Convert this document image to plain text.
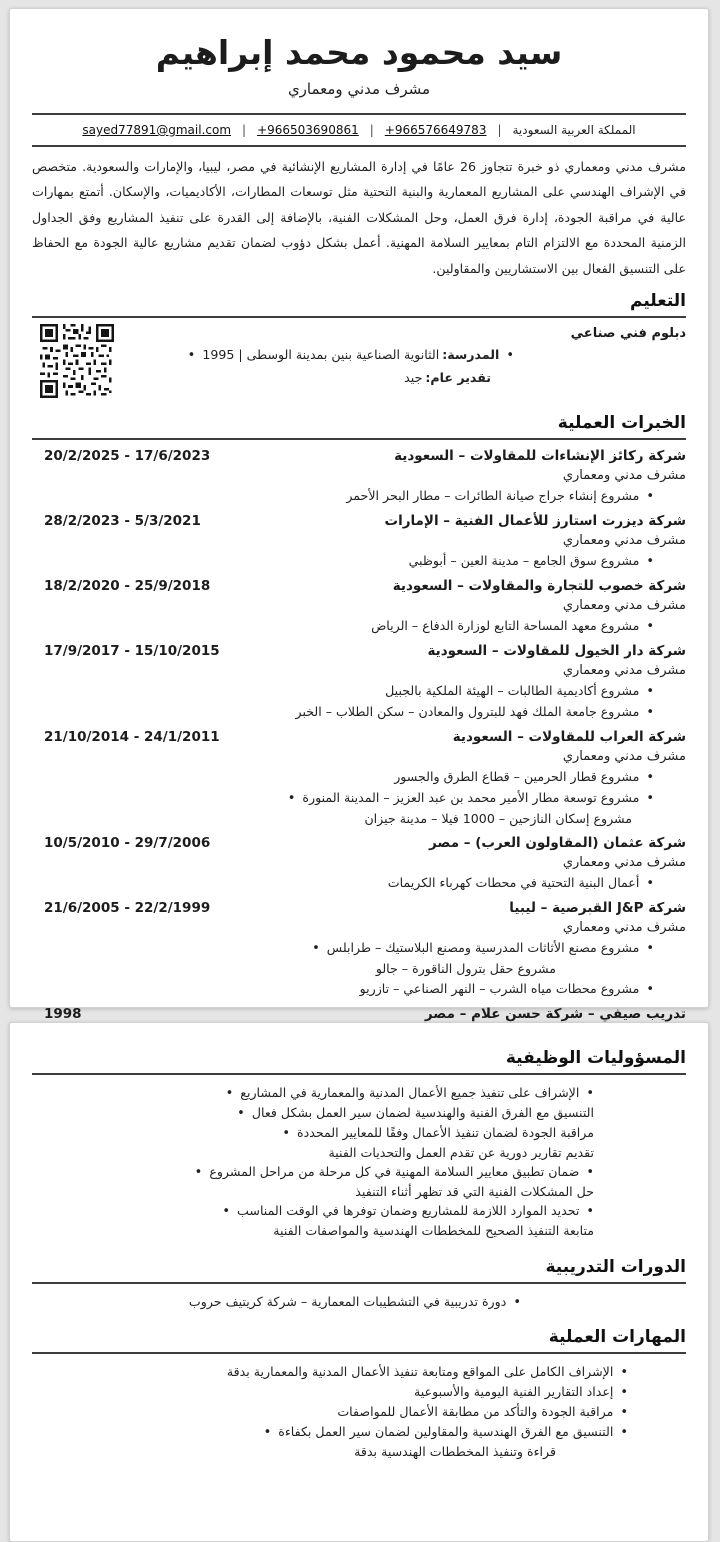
سيد محمود محمد إبراهيم
مشرف مدني ومعماري
sayed77891@gmail.com | +966503690861 | +966576649783 | المملكة العربية السعودية

مشرف مدني ومعماري ذو خبرة تتجاوز 26 عامًا في إدارة المشاريع الإنشائية في مصر، ليبيا، والإمارات والسعودية. متخصص في الإشراف الهندسي على المشاريع المعمارية والبنية التحتية مثل توسعات المطارات، الأكاديميات، والإسكان. أتمتع بمهارات عالية في مراقبة الجودة، إدارة فرق العمل، وحل المشكلات الفنية، بالإضافة إلى القدرة على تنفيذ المشاريع وفق الجداول الزمنية المحددة مع الالتزام التام بمعايير السلامة المهنية. أعمل بشكل دؤوب لضمان تقديم مشاريع عالية الجودة مع الحفاظ على التنسيق الفعال بين الاستشاريين والمقاولين.

التعليم
دبلوم فني صناعي
•المدرسة:الثانوية الصناعية بنين بمدينة الوسطى | 1995•
تقدير عام:جيد
الخبرات العملية
شركة ركائز الإنشاءات للمقاولات – السعودية
20/2/2025 - 17/6/2023
مشرف مدني ومعماري
•مشروع إنشاء جراج صيانة الطائرات – مطار البحر الأحمر
شركة ديزرت استارز للأعمال الفنية – الإمارات
28/2/2023 - 5/3/2021
مشرف مدني ومعماري
•مشروع سوق الجامع – مدينة العين – أبوظبي
شركة خصوب للتجارة والمقاولات – السعودية
18/2/2020 - 25/9/2018
مشرف مدني ومعماري
•مشروع معهد المساحة التابع لوزارة الدفاع – الرياض
شركة دار الخيول للمقاولات – السعودية
17/9/2017 - 15/10/2015
مشرف مدني ومعماري
•مشروع أكاديمية الطالبات – الهيئة الملكية بالجبيل
•مشروع جامعة الملك فهد للبترول والمعادن – سكن الطلاب – الخبر
شركة العراب للمقاولات – السعودية
21/10/2014 - 24/1/2011
مشرف مدني ومعماري
•مشروع قطار الحرمين – قطاع الطرق والجسور
•مشروع توسعة مطار الأمير محمد بن عبد العزيز – المدينة المنورة•
مشروع إسكان النازحين – 1000 فيلا – مدينة جيزان
شركة عثمان (المقاولون العرب) – مصر
10/5/2010 - 29/7/2006
مشرف مدني ومعماري
•أعمال البنية التحتية في محطات كهرباء الكريمات
شركة J&P القبرصية – ليبيا
21/6/2005 - 22/2/1999
مشرف مدني ومعماري
•مشروع مصنع الأثاثات المدرسية ومصنع البلاستيك – طرابلس•
مشروع حقل بترول الناقورة – جالو
•مشروع محطات مياه الشرب – النهر الصناعي – تازريو
تدريب صيفي – شركة حسن علام – مصر
1998
المسؤوليات الوظيفية
•الإشراف على تنفيذ جميع الأعمال المدنية والمعمارية في المشاريع•
التنسيق مع الفرق الفنية والهندسية لضمان سير العمل بشكل فعال•
مراقبة الجودة لضمان تنفيذ الأعمال وفقًا للمعايير المحددة•
تقديم تقارير دورية عن تقدم العمل والتحديات الفنية
•ضمان تطبيق معايير السلامة المهنية في كل مرحلة من مراحل المشروع•
حل المشكلات الفنية التي قد تظهر أثناء التنفيذ
•تحديد الموارد اللازمة للمشاريع وضمان توفرها في الوقت المناسب•
متابعة التنفيذ الصحيح للمخططات الهندسية والمواصفات الفنية
الدورات التدريبية
•دورة تدريبية في التشطيبات المعمارية – شركة كريتيف حروب
المهارات العملية
•الإشراف الكامل على المواقع ومتابعة تنفيذ الأعمال المدنية والمعمارية بدقة
•إعداد التقارير الفنية اليومية والأسبوعية
•مراقبة الجودة والتأكد من مطابقة الأعمال للمواصفات
•التنسيق مع الفرق الهندسية والمقاولين لضمان سير العمل بكفاءة•
قراءة وتنفيذ المخططات الهندسية بدقة
